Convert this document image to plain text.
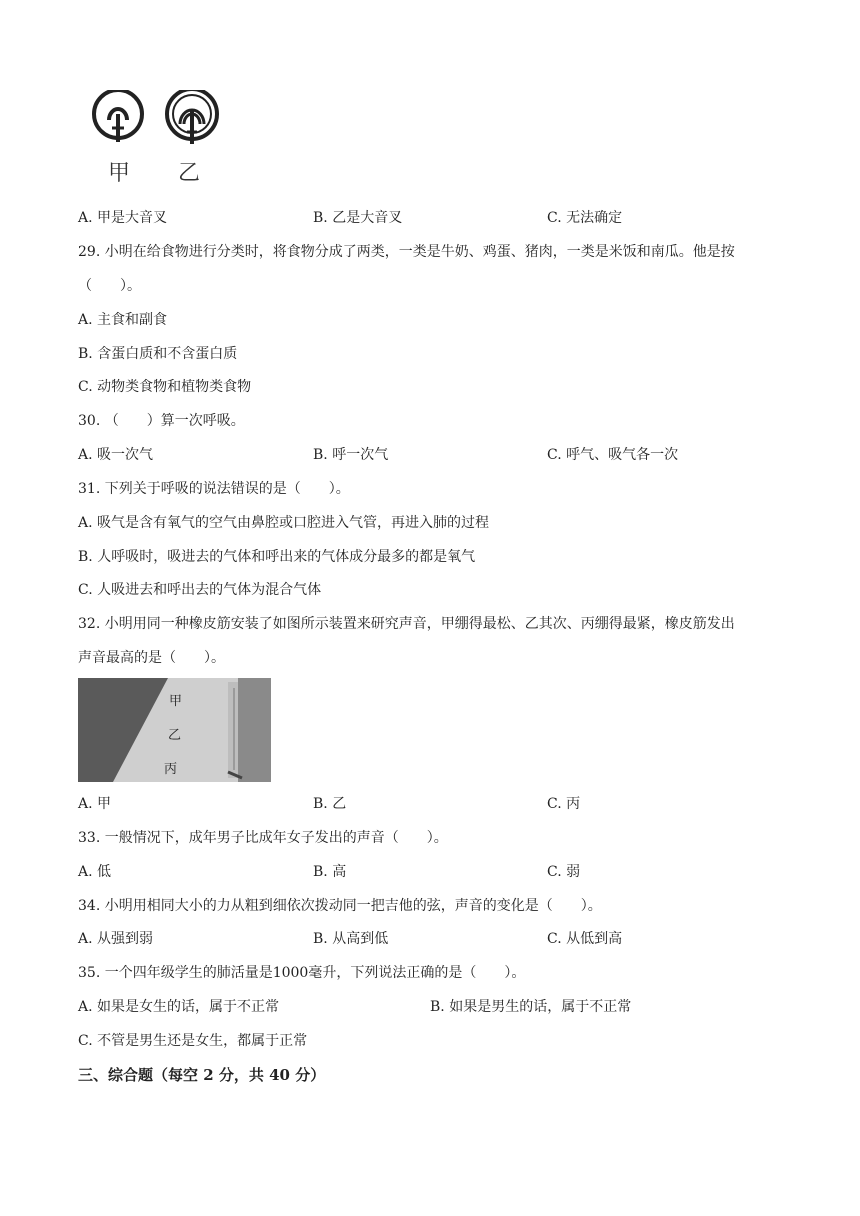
甲 乙
A. 甲是大音叉	B. 乙是大音叉	C. 无法确定
29. 小明在给食物进行分类时，将食物分成了两类，一类是牛奶、鸡蛋、猪肉，一类是米饭和南瓜。他是按
（　　）。
A. 主食和副食
B. 含蛋白质和不含蛋白质
C. 动物类食物和植物类食物
30. （　　）算一次呼吸。
A. 吸一次气	B. 呼一次气	C. 呼气、吸气各一次
31. 下列关于呼吸的说法错误的是（　　）。
A. 吸气是含有氧气的空气由鼻腔或口腔进入气管，再进入肺的过程
B. 人呼吸时，吸进去的气体和呼出来的气体成分最多的都是氧气
C. 人吸进去和呼出去的气体为混合气体
32. 小明用同一种橡皮筋安装了如图所示装置来研究声音，甲绷得最松、乙其次、丙绷得最紧，橡皮筋发出
声音最高的是（　　）。
甲
乙
丙
A. 甲	B. 乙	C. 丙
33. 一般情况下，成年男子比成年女子发出的声音（　　）。
A. 低	B. 高	C. 弱
34. 小明用相同大小的力从粗到细依次拨动同一把吉他的弦，声音的变化是（　　）。
A. 从强到弱	B. 从高到低	C. 从低到高
35. 一个四年级学生的肺活量是1000毫升，下列说法正确的是（　　）。
A. 如果是女生的话，属于不正常	B. 如果是男生的话，属于不正常
C. 不管是男生还是女生，都属于正常
三、综合题（每空 2 分，共 40 分）
